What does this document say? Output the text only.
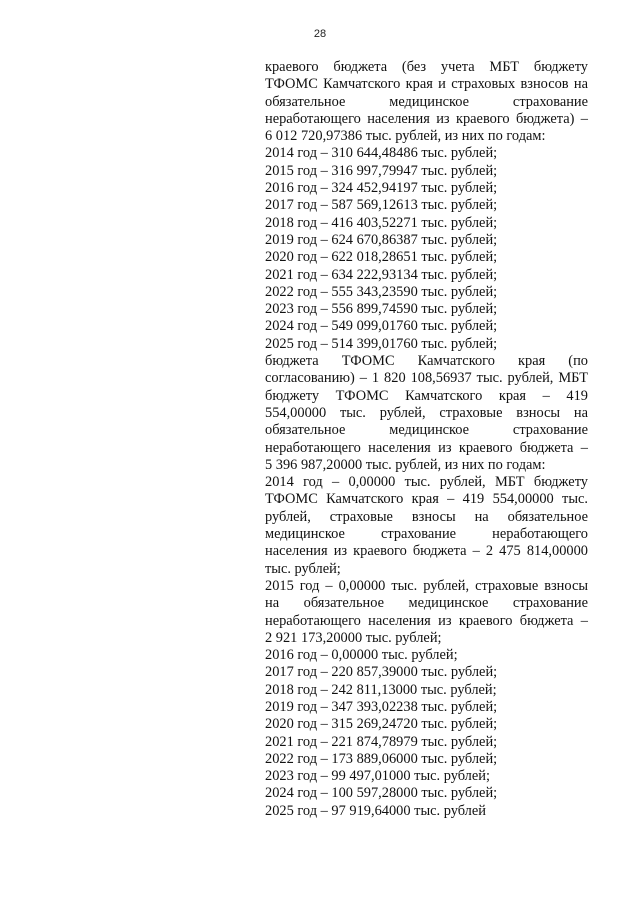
28
краевого бюджета (без учета МБТ бюджету
ТФОМС Камчатского края и страховых взносов на
обязательное медицинское страхование
неработающего населения из краевого бюджета) –
6 012 720,97386 тыс. рублей, из них по годам:
2014 год – 310 644,48486 тыс. рублей;
2015 год – 316 997,79947 тыс. рублей;
2016 год – 324 452,94197 тыс. рублей;
2017 год – 587 569,12613 тыс. рублей;
2018 год – 416 403,52271 тыс. рублей;
2019 год – 624 670,86387 тыс. рублей;
2020 год – 622 018,28651 тыс. рублей;
2021 год – 634 222,93134 тыс. рублей;
2022 год – 555 343,23590 тыс. рублей;
2023 год – 556 899,74590 тыс. рублей;
2024 год – 549 099,01760 тыс. рублей;
2025 год – 514 399,01760 тыс. рублей;
бюджета ТФОМС Камчатского края (по
согласованию) – 1 820 108,56937 тыс. рублей, МБТ
бюджету ТФОМС Камчатского края – 419
554,00000 тыс. рублей, страховые взносы на
обязательное медицинское страхование
неработающего населения из краевого бюджета –
5 396 987,20000 тыс. рублей, из них по годам:
2014 год – 0,00000 тыс. рублей, МБТ бюджету
ТФОМС Камчатского края – 419 554,00000 тыс.
рублей, страховые взносы на обязательное
медицинское страхование неработающего
населения из краевого бюджета – 2 475 814,00000
тыс. рублей;
2015 год – 0,00000 тыс. рублей, страховые взносы
на обязательное медицинское страхование
неработающего населения из краевого бюджета –
2 921 173,20000 тыс. рублей;
2016 год – 0,00000 тыс. рублей;
2017 год – 220 857,39000 тыс. рублей;
2018 год – 242 811,13000 тыс. рублей;
2019 год – 347 393,02238 тыс. рублей;
2020 год – 315 269,24720 тыс. рублей;
2021 год – 221 874,78979 тыс. рублей;
2022 год – 173 889,06000 тыс. рублей;
2023 год – 99 497,01000 тыс. рублей;
2024 год – 100 597,28000 тыс. рублей;
2025 год – 97 919,64000 тыс. рублей
